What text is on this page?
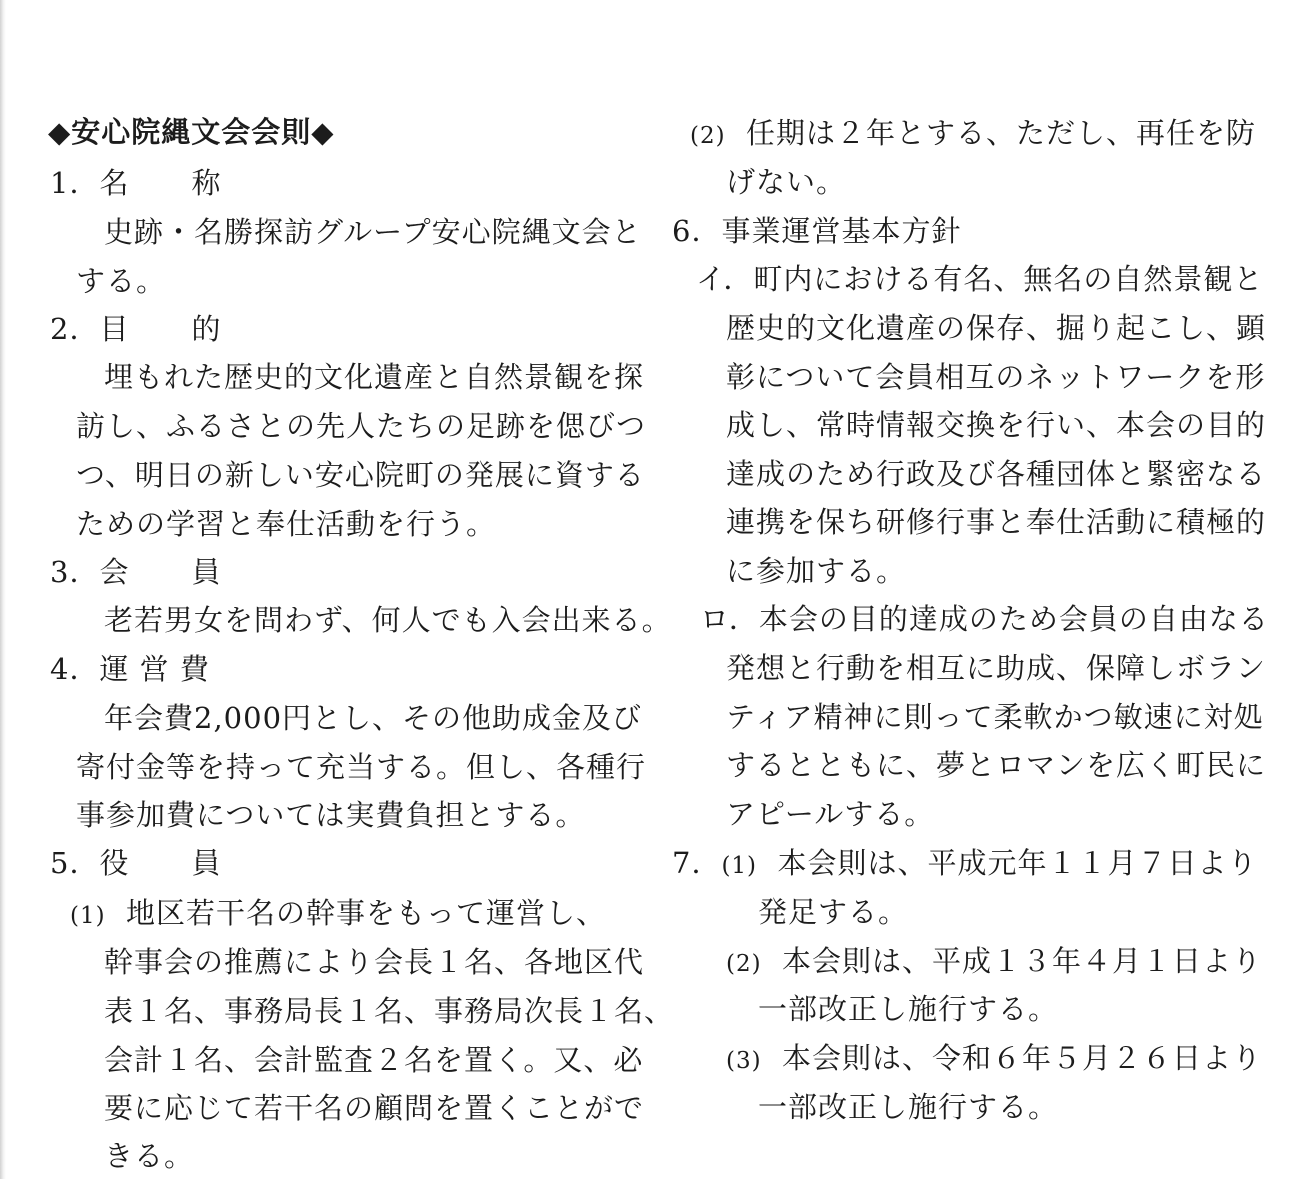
◆安心院縄文会会則◆
1．名 称
史跡・名勝探訪グループ安心院縄文会と
する。
2．目 的
埋もれた歴史的文化遺産と自然景観を探
訪し、ふるさとの先人たちの足跡を偲びつ
つ、明日の新しい安心院町の発展に資する
ための学習と奉仕活動を行う。
3．会 員
老若男女を問わず、何人でも入会出来る。
4．運 営 費
年会費2,000円とし、その他助成金及び
寄付金等を持って充当する。但し、各種行
事参加費については実費負担とする。
5．役 員
(1) 地区若干名の幹事をもって運営し、
幹事会の推薦により会長１名、各地区代
表１名、事務局長１名、事務局次長１名、
会計１名、会計監査２名を置く。又、必
要に応じて若干名の顧問を置くことがで
きる。
(2) 任期は２年とする、ただし、再任を防
げない。
6．事業運営基本方針
イ．町内における有名、無名の自然景観と
歴史的文化遺産の保存、掘り起こし、顕
彰について会員相互のネットワークを形
成し、常時情報交換を行い、本会の目的
達成のため行政及び各種団体と緊密なる
連携を保ち研修行事と奉仕活動に積極的
に参加する。
ロ．本会の目的達成のため会員の自由なる
発想と行動を相互に助成、保障しボラン
ティア精神に則って柔軟かつ敏速に対処
するとともに、夢とロマンを広く町民に
アピールする。
7．(1) 本会則は、平成元年１１月７日より
発足する。
(2) 本会則は、平成１３年４月１日より
一部改正し施行する。
(3) 本会則は、令和６年５月２６日より
一部改正し施行する。
